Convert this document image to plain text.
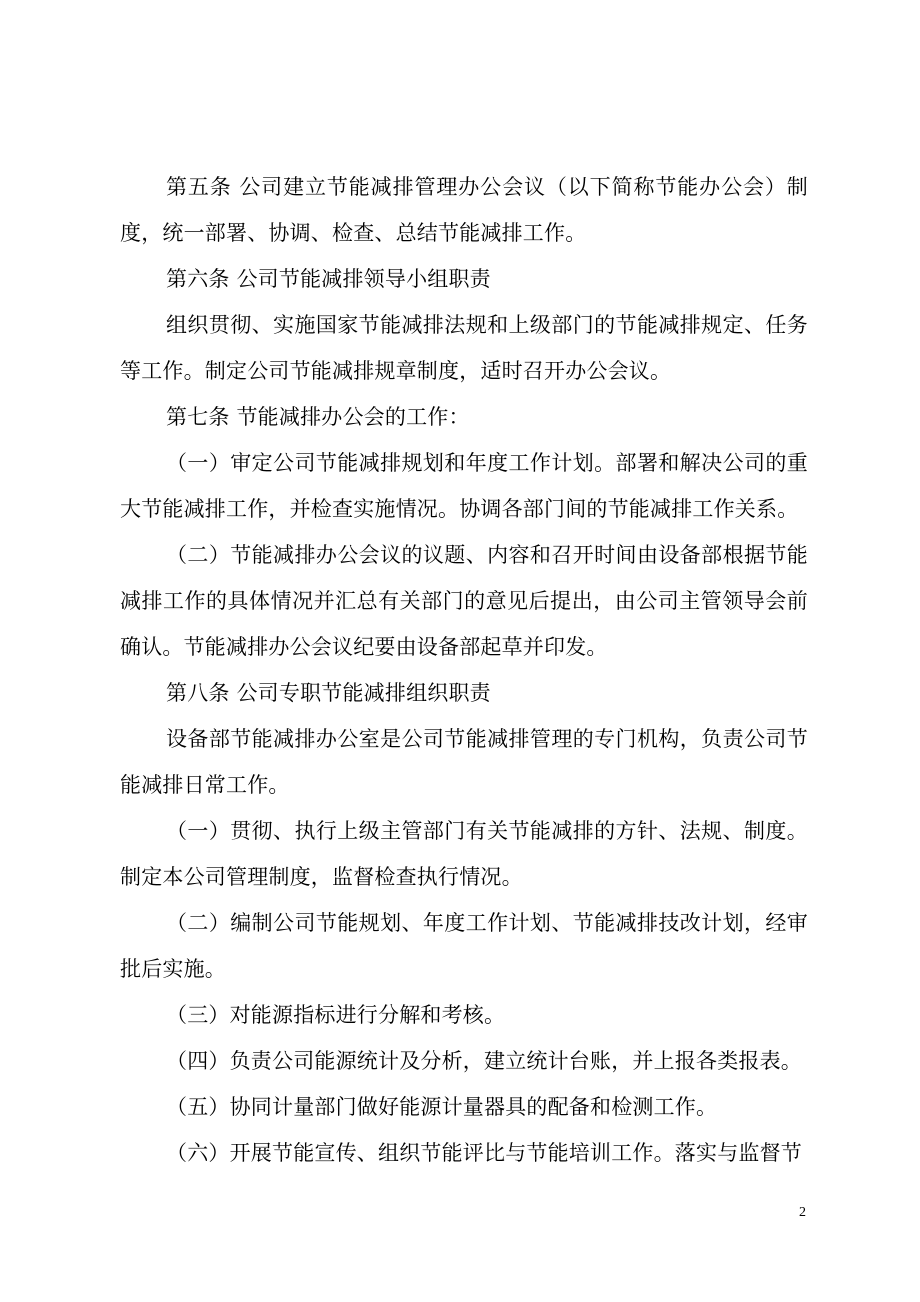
第五条 公司建立节能减排管理办公会议（以下简称节能办公会）制度，统一部署、协调、检查、总结节能减排工作。

第六条 公司节能减排领导小组职责

组织贯彻、实施国家节能减排法规和上级部门的节能减排规定、任务等工作。制定公司节能减排规章制度，适时召开办公会议。

第七条 节能减排办公会的工作：

（一）审定公司节能减排规划和年度工作计划。部署和解决公司的重大节能减排工作，并检查实施情况。协调各部门间的节能减排工作关系。

（二）节能减排办公会议的议题、内容和召开时间由设备部根据节能减排工作的具体情况并汇总有关部门的意见后提出，由公司主管领导会前确认。节能减排办公会议纪要由设备部起草并印发。

第八条 公司专职节能减排组织职责

设备部节能减排办公室是公司节能减排管理的专门机构，负责公司节能减排日常工作。

（一）贯彻、执行上级主管部门有关节能减排的方针、法规、制度。制定本公司管理制度，监督检查执行情况。

（二）编制公司节能规划、年度工作计划、节能减排技改计划，经审批后实施。

（三）对能源指标进行分解和考核。

（四）负责公司能源统计及分析，建立统计台账，并上报各类报表。

（五）协同计量部门做好能源计量器具的配备和检测工作。

（六）开展节能宣传、组织节能评比与节能培训工作。落实与监督节

2
